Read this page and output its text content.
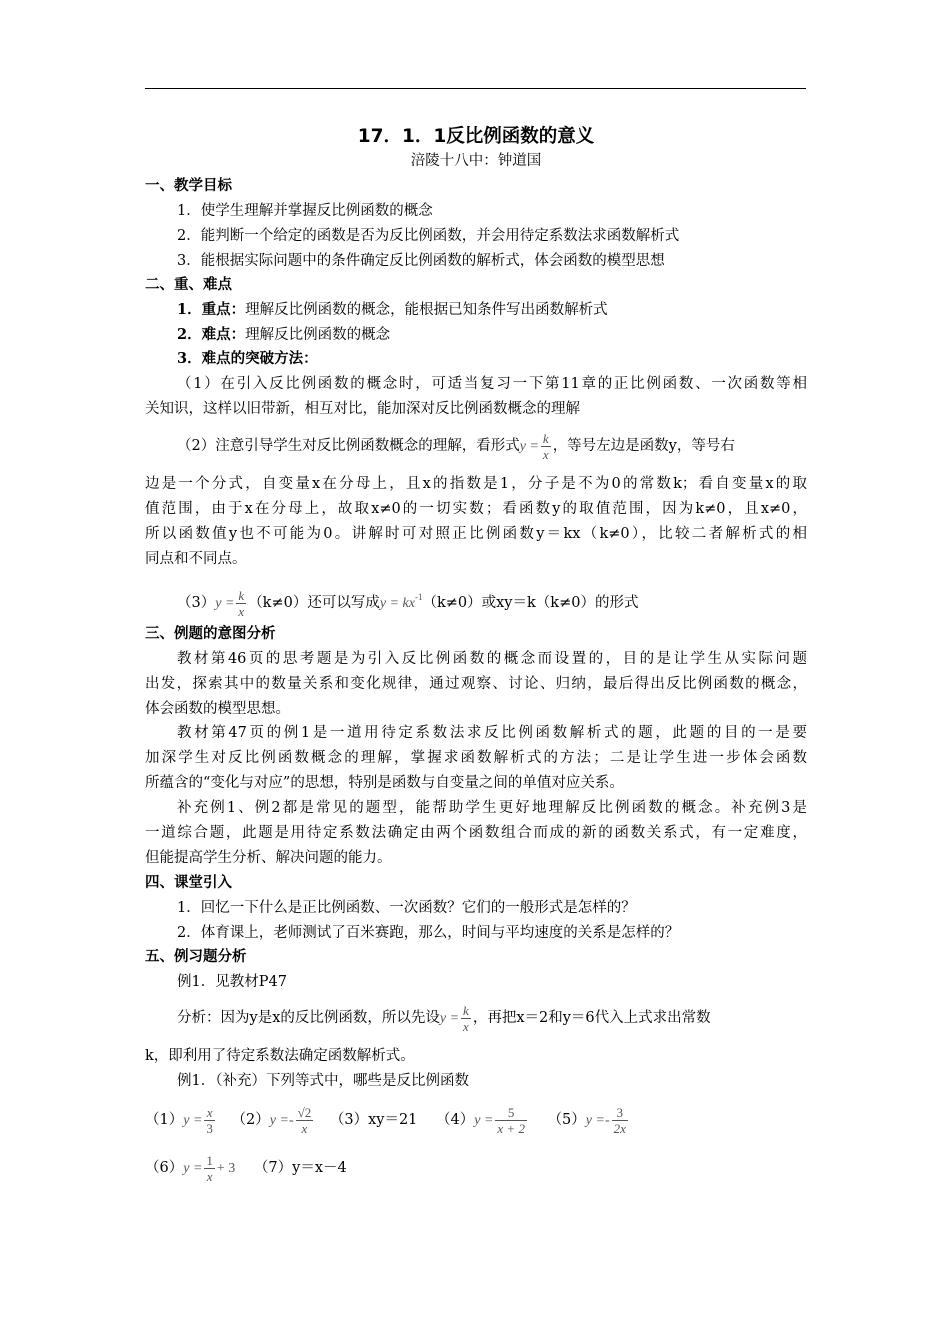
17．1．1反比例函数的意义
涪陵十八中：钟道国
一、教学目标
1．使学生理解并掌握反比例函数的概念
2．能判断一个给定的函数是否为反比例函数，并会用待定系数法求函数解析式
3．能根据实际问题中的条件确定反比例函数的解析式，体会函数的模型思想
二、重、难点
1．重点：理解反比例函数的概念，能根据已知条件写出函数解析式
2．难点：理解反比例函数的概念
3．难点的突破方法：
（1）在引入反比例函数的概念时，可适当复习一下第11章的正比例函数、一次函数等相
关知识，这样以旧带新，相互对比，能加深对反比例函数概念的理解
（2）注意引导学生对反比例函数概念的理解，看形式$y = \frac{k}{x}$ ，等号左边是函数y，等号右
边是一个分式，自变量x在分母上，且x的指数是1，分子是不为0的常数k；看自变量x的取
值范围，由于x在分母上，故取x≠0的一切实数；看函数y的取值范围，因为k≠0，且x≠0，
所以函数值y也不可能为0。讲解时可对照正比例函数y＝kx（k≠0），比较二者解析式的相
同点和不同点。
$(3)y = \frac{k}{x} (k\ne 0)$还可以写成$y = kx^{-1}(k\ne 0)$或xy＝k（k≠0）的形式
三、例题的意图分析
教材第46页的思考题是为引入反比例函数的概念而设置的，目的是让学生从实际问题
出发，探索其中的数量关系和变化规律，通过观察、讨论、归纳，最后得出反比例函数的概念，
体会函数的模型思想。
教材第47页的例1是一道用待定系数法求反比例函数解析式的题，此题的目的一是要
加深学生对反比例函数概念的理解，掌握求函数解析式的方法；二是让学生进一步体会函数
所蕴含的“变化与对应”的思想，特别是函数与自变量之间的单值对应关系。
补充例1、例2都是常见的题型，能帮助学生更好地理解反比例函数的概念。补充例3是
一道综合题，此题是用待定系数法确定由两个函数组合而成的新的函数关系式，有一定难度，
但能提高学生分析、解决问题的能力。
四、课堂引入
1．回忆一下什么是正比例函数、一次函数？它们的一般形式是怎样的？
2．体育课上，老师测试了百米赛跑，那么，时间与平均速度的关系是怎样的？
五、例习题分析
例1．见教材P47
分析：因为y是x的反比例函数，所以先设$y = \frac{k}{x}$ ，再把x＝2和y＝6代入上式求出常数
k，即利用了待定系数法确定函数解析式。
例1．（补充）下列等式中，哪些是反比例函数
$(1)y = \frac{x}{3} (2)y =- \frac{√2}{x} (3)xy=21$ $(4)y = \frac{5}{x + 2} (5)y =- \frac{3}{2x}$
$(6)y = \frac{1}{x} + 3$ （7）y＝x－4
